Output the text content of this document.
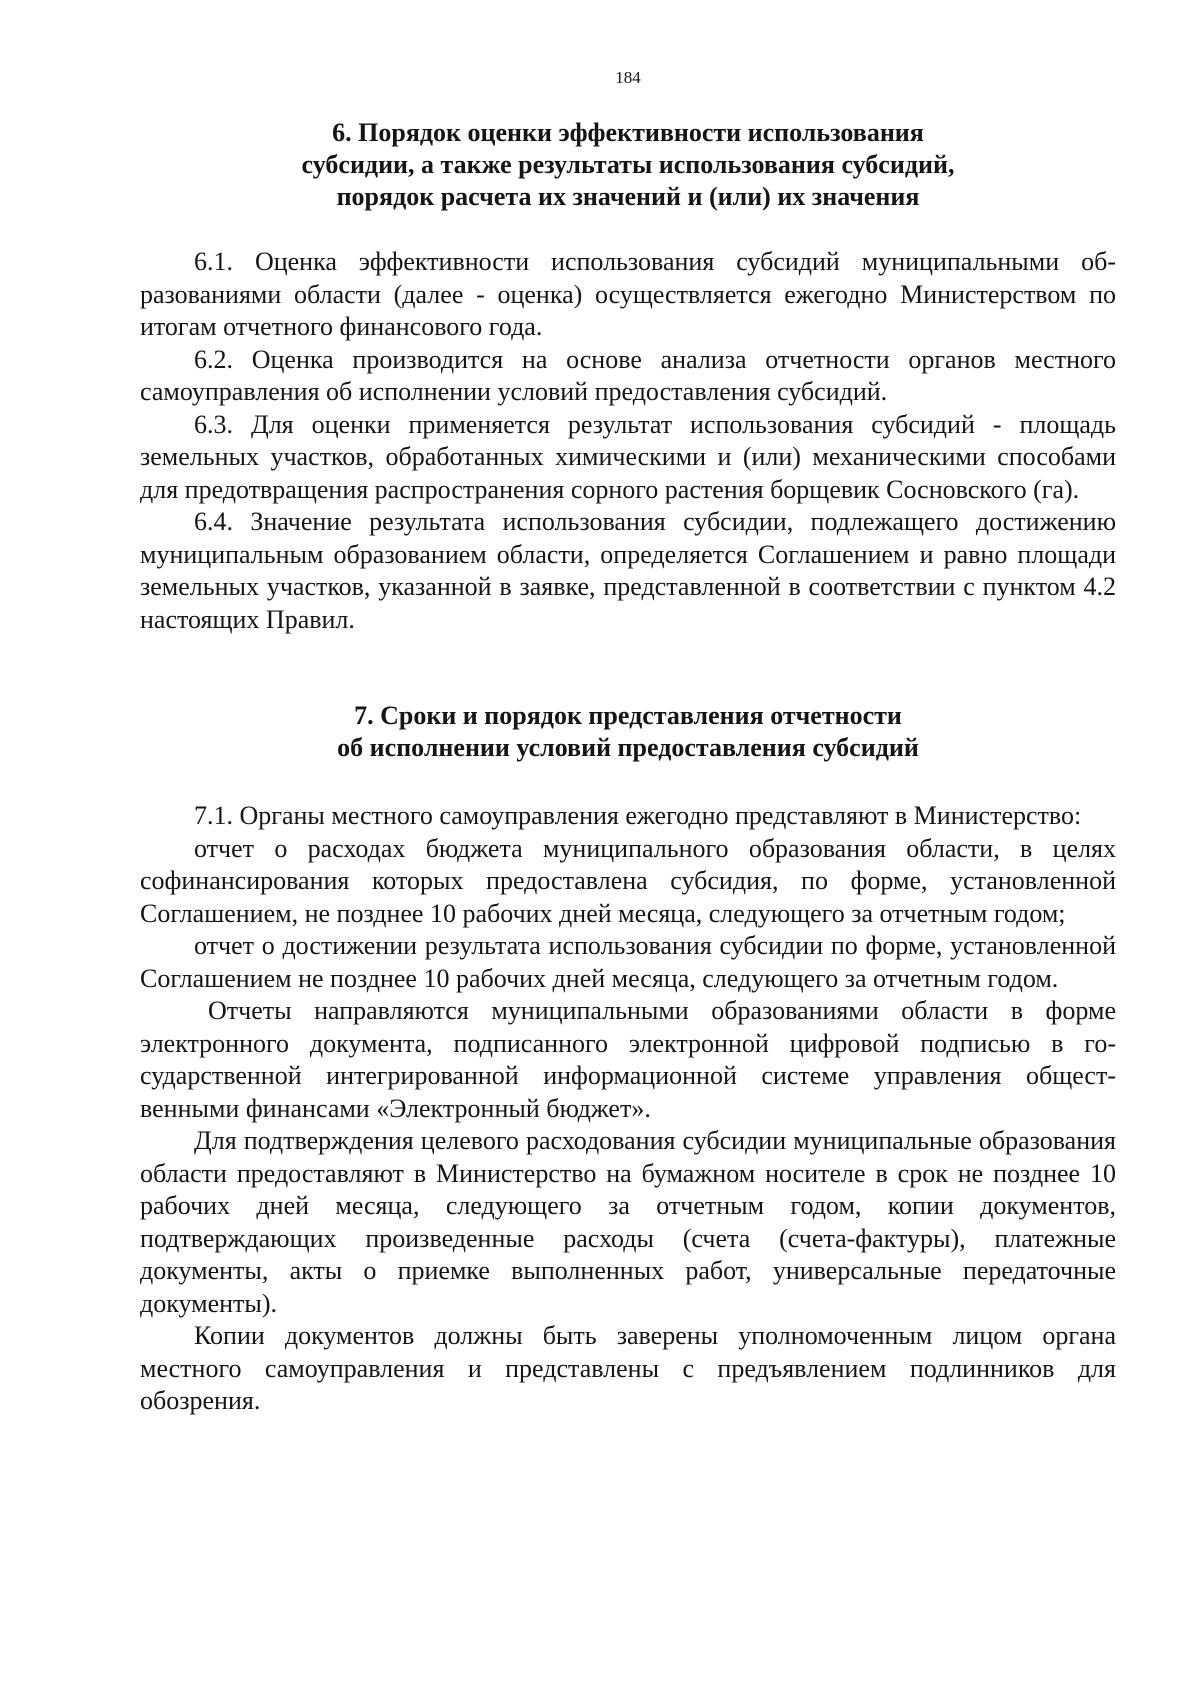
184
6. Порядок оценки эффективности использования
субсидии, а также результаты использования субсидий,
порядок расчета их значений и (или) их значения

6.1. Оценка эффективности использования субсидий муниципальными образованиями области (далее - оценка) осуществляется ежегодно Министерством по итогам отчетного финансового года.

6.2. Оценка производится на основе анализа отчетности органов местного самоуправления об исполнении условий предоставления субсидий.

6.3. Для оценки применяется результат использования субсидий - площадь земельных участков, обработанных химическими и (или) механическими способами для предотвращения распространения сорного растения борщевик Сосновского (га).

6.4. Значение результата использования субсидии, подлежащего достижению муниципальным образованием области, определяется Соглашением и равно площади земельных участков, указанной в заявке, представленной в соответствии с пунктом 4.2 настоящих Правил.

7. Сроки и порядок представления отчетности
об исполнении условий предоставления субсидий

7.1. Органы местного самоуправления ежегодно представляют в Министерство:

отчет о расходах бюджета муниципального образования области, в целях софинансирования которых предоставлена субсидия, по форме, установленной Соглашением, не позднее 10 рабочих дней месяца, следующего за отчетным годом;

отчет о достижении результата использования субсидии по форме, установленной Соглашением не позднее 10 рабочих дней месяца, следующего за отчетным годом.

Отчеты направляются муниципальными образованиями области в форме электронного документа, подписанного электронной цифровой подписью в государственной интегрированной информационной системе управления общественными финансами «Электронный бюджет».

Для подтверждения целевого расходования субсидии муниципальные образования области предоставляют в Министерство на бумажном носителе в срок не позднее 10 рабочих дней месяца, следующего за отчетным годом, копии документов, подтверждающих произведенные расходы (счета (счета-фактуры), платежные документы, акты о приемке выполненных работ, универсальные передаточные документы).

Копии документов должны быть заверены уполномоченным лицом органа местного самоуправления и представлены с предъявлением подлинников для обозрения.
